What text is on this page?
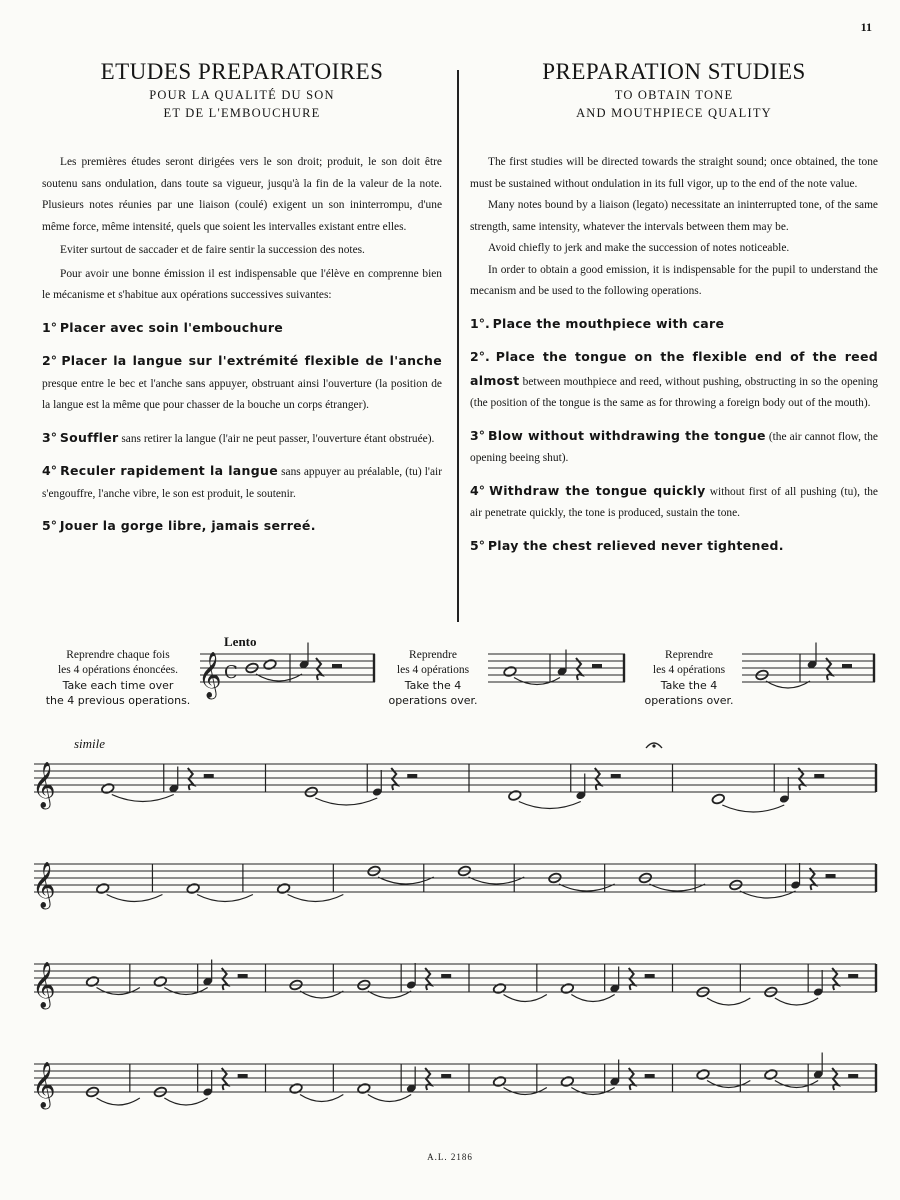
11
ETUDES PREPARATOIRES
POUR LA QUALITÉ DU SON
ET DE L'EMBOUCHURE

Les premières études seront dirigées vers le son droit; produit, le son doit être soutenu sans ondulation, dans toute sa vigueur, jusqu'à la fin de la valeur de la note. Plusieurs notes réunies par une liaison (coulé) exigent un son ininterrompu, d'une même force, même intensité, quels que soient les intervalles existant entre elles.

Eviter surtout de saccader et de faire sentir la succession des notes.

Pour avoir une bonne émission il est indispensable que l'élève en comprenne bien le mécanisme et s'habitue aux opérations successives suivantes:

1° Placer avec soin l'embouchure

2° Placer la langue sur l'extrémité flexible de l'anche presque entre le bec et l'anche sans appuyer, obstruant ainsi l'ouverture (la position de la langue est la même que pour chasser de la bouche un corps étranger).

3° Souffler sans retirer la langue (l'air ne peut passer, l'ouverture étant obstruée).

4° Reculer rapidement la langue sans appuyer au préalable, (tu) l'air s'engouffre, l'anche vibre, le son est produit, le soutenir.

5° Jouer la gorge libre, jamais serreé.

PREPARATION STUDIES
TO OBTAIN TONE
AND MOUTHPIECE QUALITY

The first studies will be directed towards the straight sound; once obtained, the tone must be sustained without ondulation in its full vigor, up to the end of the note value.

Many notes bound by a liaison (legato) necessitate an ininterrupted tone, of the same strength, same intensity, whatever the intervals between them may be.

Avoid chiefly to jerk and make the succession of notes noticeable.

In order to obtain a good emission, it is indispensable for the pupil to understand the mecanism and be used to the following operations.

1°. Place the mouthpiece with care

2°. Place the tongue on the flexible end of the reed almost between mouthpiece and reed, without pushing, obstructing in so the opening (the position of the tongue is the same as for throwing a foreign body out of the mouth).

3° Blow without withdrawing the tongue (the air cannot flow, the opening beeing shut).

4° Withdraw the tongue quickly without first of all pushing (tu), the air penetrate quickly, the tone is produced, sustain the tone.

5° Play the chest relieved never tightened.

Reprendre chaque fois
les 4 opérations énoncées.
Take each time over
the 4 previous operations.
Reprendre
les 4 opérations
Take the 4
operations over.
Reprendre
les 4 opérations
Take the 4
operations over.
Lento
simile
𝄞 C
𝄞
𝄞
𝄞
𝄞
A.L. 2186
